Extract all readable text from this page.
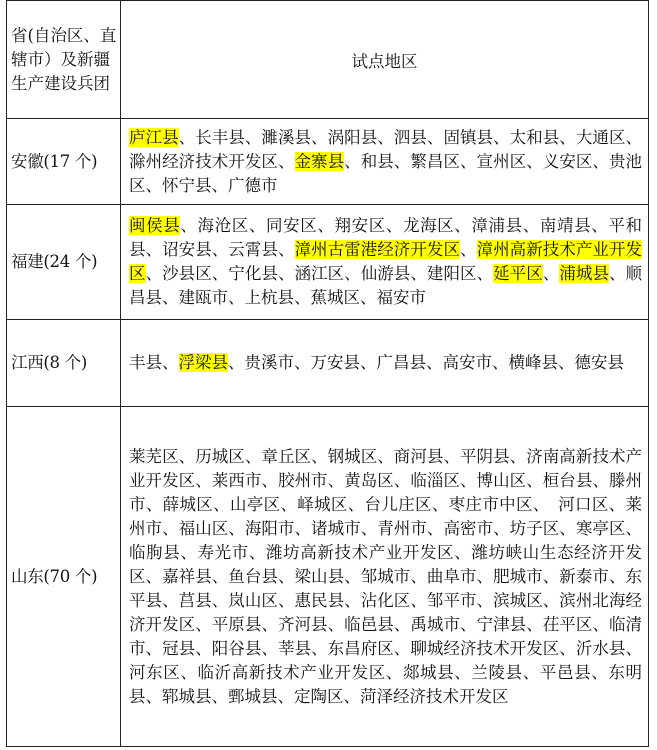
省(自治区、直辖市）及新疆生产建设兵团	试点地区
安徽(17 个)	庐江县、长丰县、濉溪县、涡阳县、泗县、固镇县、太和县、大通区、滁州经济技术开发区、金寨县、和县、繁昌区、宣州区、义安区、贵池区、怀宁县、广德市
福建(24 个)	闽侯县、海沧区、同安区、翔安区、龙海区、漳浦县、南靖县、平和县、诏安县、云霄县、漳州古雷港经济开发区、漳州高新技术产业开发区、沙县区、宁化县、涵江区、仙游县、建阳区、延平区、浦城县、顺昌县、建瓯市、上杭县、蕉城区、福安市
江西(8 个)	丰县、浮梁县、贵溪市、万安县、广昌县、高安市、横峰县、德安县
山东(70 个)	莱芜区、历城区、章丘区、钢城区、商河县、平阴县、济南高新技术产业开发区、莱西市、胶州市、黄岛区、临淄区、博山区、桓台县、滕州市、薛城区、山亭区、峄城区、台儿庄区、枣庄市中区、　河口区、莱州市、福山区、海阳市、诸城市、青州市、高密市、坊子区、寒亭区、临朐县、寿光市、潍坊高新技术产业开发区、潍坊峡山生态经济开发区、嘉祥县、鱼台县、梁山县、邹城市、曲阜市、肥城市、新泰市、东平县、莒县、岚山区、惠民县、沾化区、邹平市、滨城区、滨州北海经济开发区、平原县、齐河县、临邑县、禹城市、宁津县、茌平区、临清市、冠县、阳谷县、莘县、东昌府区、聊城经济技术开发区、沂水县、河东区、临沂高新技术产业开发区、郯城县、兰陵县、平邑县、东明县、郓城县、鄄城县、定陶区、菏泽经济技术开发区
